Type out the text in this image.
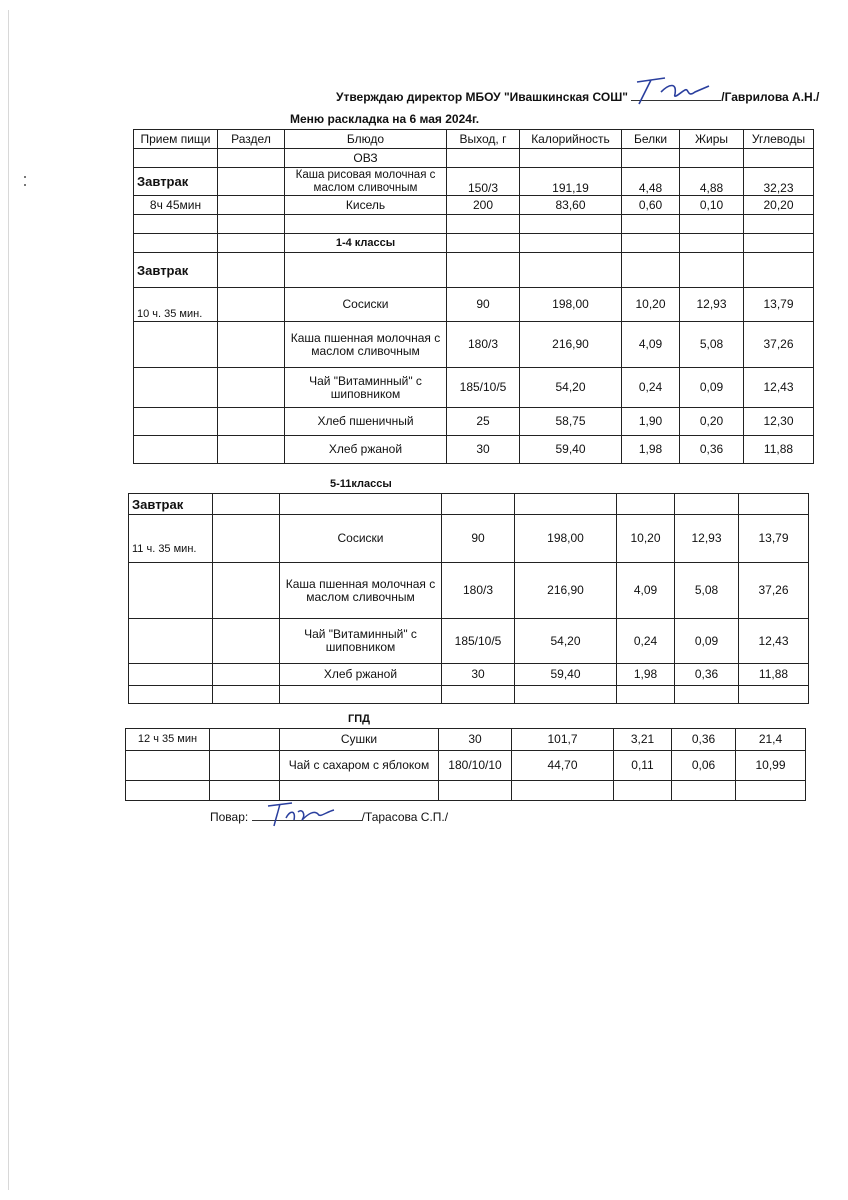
Утверждаю директор МБОУ "Ивашкинская СОШ"	/Гаврилова А.Н./
Меню раскладка на 6 мая 2024г.
Прием пищи	Раздел	Блюдо	Выход, г	Калорийность	Белки	Жиры	Углеводы
		ОВЗ					
Завтрак		Каша рисовая молочная с маслом сливочным	150/3	191,19	4,48	4,88	32,23
8ч 45мин		Кисель	200	83,60	0,60	0,10	20,20

		1-4 классы					
Завтрак							
10 ч. 35 мин.		Сосиски	90	198,00	10,20	12,93	13,79
		Каша пшенная молочная с маслом сливочным	180/3	216,90	4,09	5,08	37,26
		Чай "Витаминный" с шиповником	185/10/5	54,20	0,24	0,09	12,43
		Хлеб пшеничный	25	58,75	1,90	0,20	12,30
		Хлеб ржаной	30	59,40	1,98	0,36	11,88
5-11классы
Завтрак							
11 ч. 35 мин.		Сосиски	90	198,00	10,20	12,93	13,79
		Каша пшенная молочная с маслом сливочным	180/3	216,90	4,09	5,08	37,26
		Чай "Витаминный" с шиповником	185/10/5	54,20	0,24	0,09	12,43
		Хлеб ржаной	30	59,40	1,98	0,36	11,88

ГПД
12 ч 35 мин		Сушки	30	101,7	3,21	0,36	21,4
		Чай с сахаром с яблоком	180/10/10	44,70	0,11	0,06	10,99

Повар:	/Тарасова С.П./
